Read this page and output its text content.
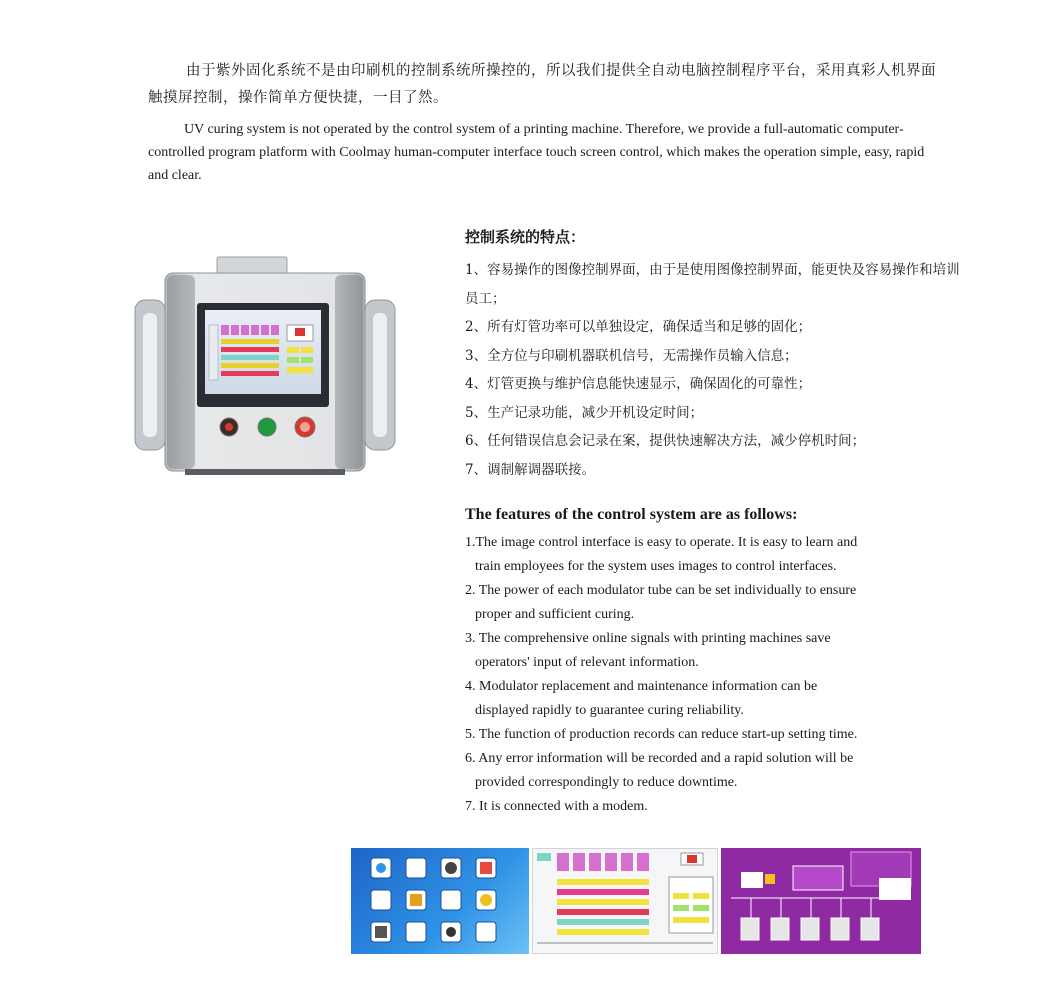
由于紫外固化系统不是由印刷机的控制系统所操控的，所以我们提供全自动电脑控制程序平台，采用真彩人机界面触摸屏控制，操作简单方便快捷，一目了然。
UV curing system is not operated by the control system of a printing machine. Therefore, we provide a full-automatic computer-controlled program platform with Coolmay human-computer interface touch screen control, which makes the operation simple, easy, rapid and clear.
控制系统的特点：
1、容易操作的图像控制界面，由于是使用图像控制界面，能更快及容易操作和培训员工；
2、所有灯管功率可以单独设定，确保适当和足够的固化；
3、全方位与印刷机器联机信号，无需操作员输入信息；
4、灯管更换与维护信息能快速显示，确保固化的可靠性；
5、生产记录功能，减少开机设定时间；
6、任何错误信息会记录在案，提供快速解决方法，减少停机时间；
7、调制解调器联接。
The features of the control system are as follows:
1.The image control interface is easy to operate. It is easy to learn and
train employees for the system uses images to control interfaces.
2. The power of each modulator tube can be set individually to ensure
proper and sufficient curing.
3. The comprehensive online signals with printing machines save
operators' input of relevant information.
4. Modulator replacement and maintenance information can be
displayed rapidly to guarantee curing reliability.
5. The function of production records can reduce start-up setting time.
6. Any error information will be recorded and a rapid solution will be
provided correspondingly to reduce downtime.
7. It is connected with a modem.
